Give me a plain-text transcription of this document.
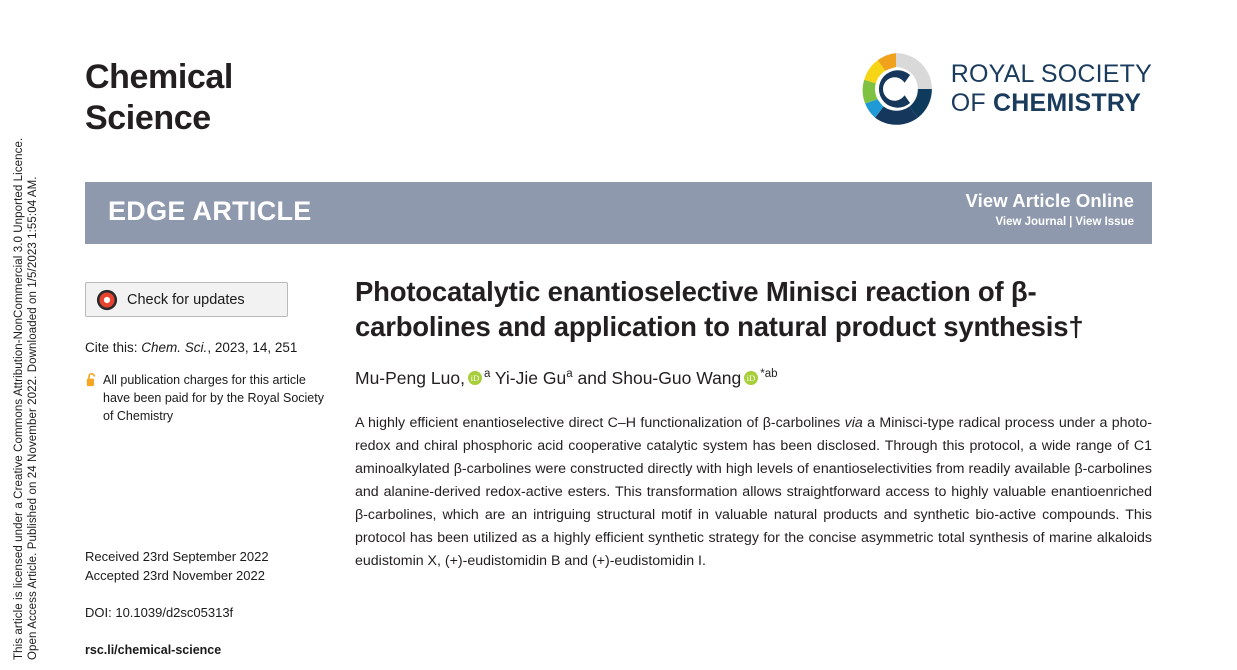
Open Access Article. Published on 24 November 2022. Downloaded on 1/5/2023 1:55:04 AM.
This article is licensed under a Creative Commons Attribution-NonCommercial 3.0 Unported Licence.
Chemical
Science
ROYAL SOCIETY
OF CHEMISTRY
EDGE ARTICLE	View Article Online
View Journal | View Issue
Check for updates
Cite this: Chem. Sci., 2023, 14, 251
All publication charges for this article have been paid for by the Royal Society of Chemistry
Received 23rd September 2022
Accepted 23rd November 2022
DOI: 10.1039/d2sc05313f
rsc.li/chemical-science
Photocatalytic enantioselective Minisci reaction of β-carbolines and application to natural product synthesis†
Mu-Peng Luo, iD $^a$ Yi-Jie Gu$^a$ and Shou-Guo Wang iD $^{*ab}$
A highly efficient enantioselective direct C–H functionalization of β-carbolines via a Minisci-type radical process under a photo-redox and chiral phosphoric acid cooperative catalytic system has been disclosed. Through this protocol, a wide range of C1 aminoalkylated β-carbolines were constructed directly with high levels of enantioselectivities from readily available β-carbolines and alanine-derived redox-active esters. This transformation allows straightforward access to highly valuable enantioenriched β-carbolines, which are an intriguing structural motif in valuable natural products and synthetic bio-active compounds. This protocol has been utilized as a highly efficient synthetic strategy for the concise asymmetric total synthesis of marine alkaloids eudistomin X, (+)-eudistomidin B and (+)-eudistomidin I.
